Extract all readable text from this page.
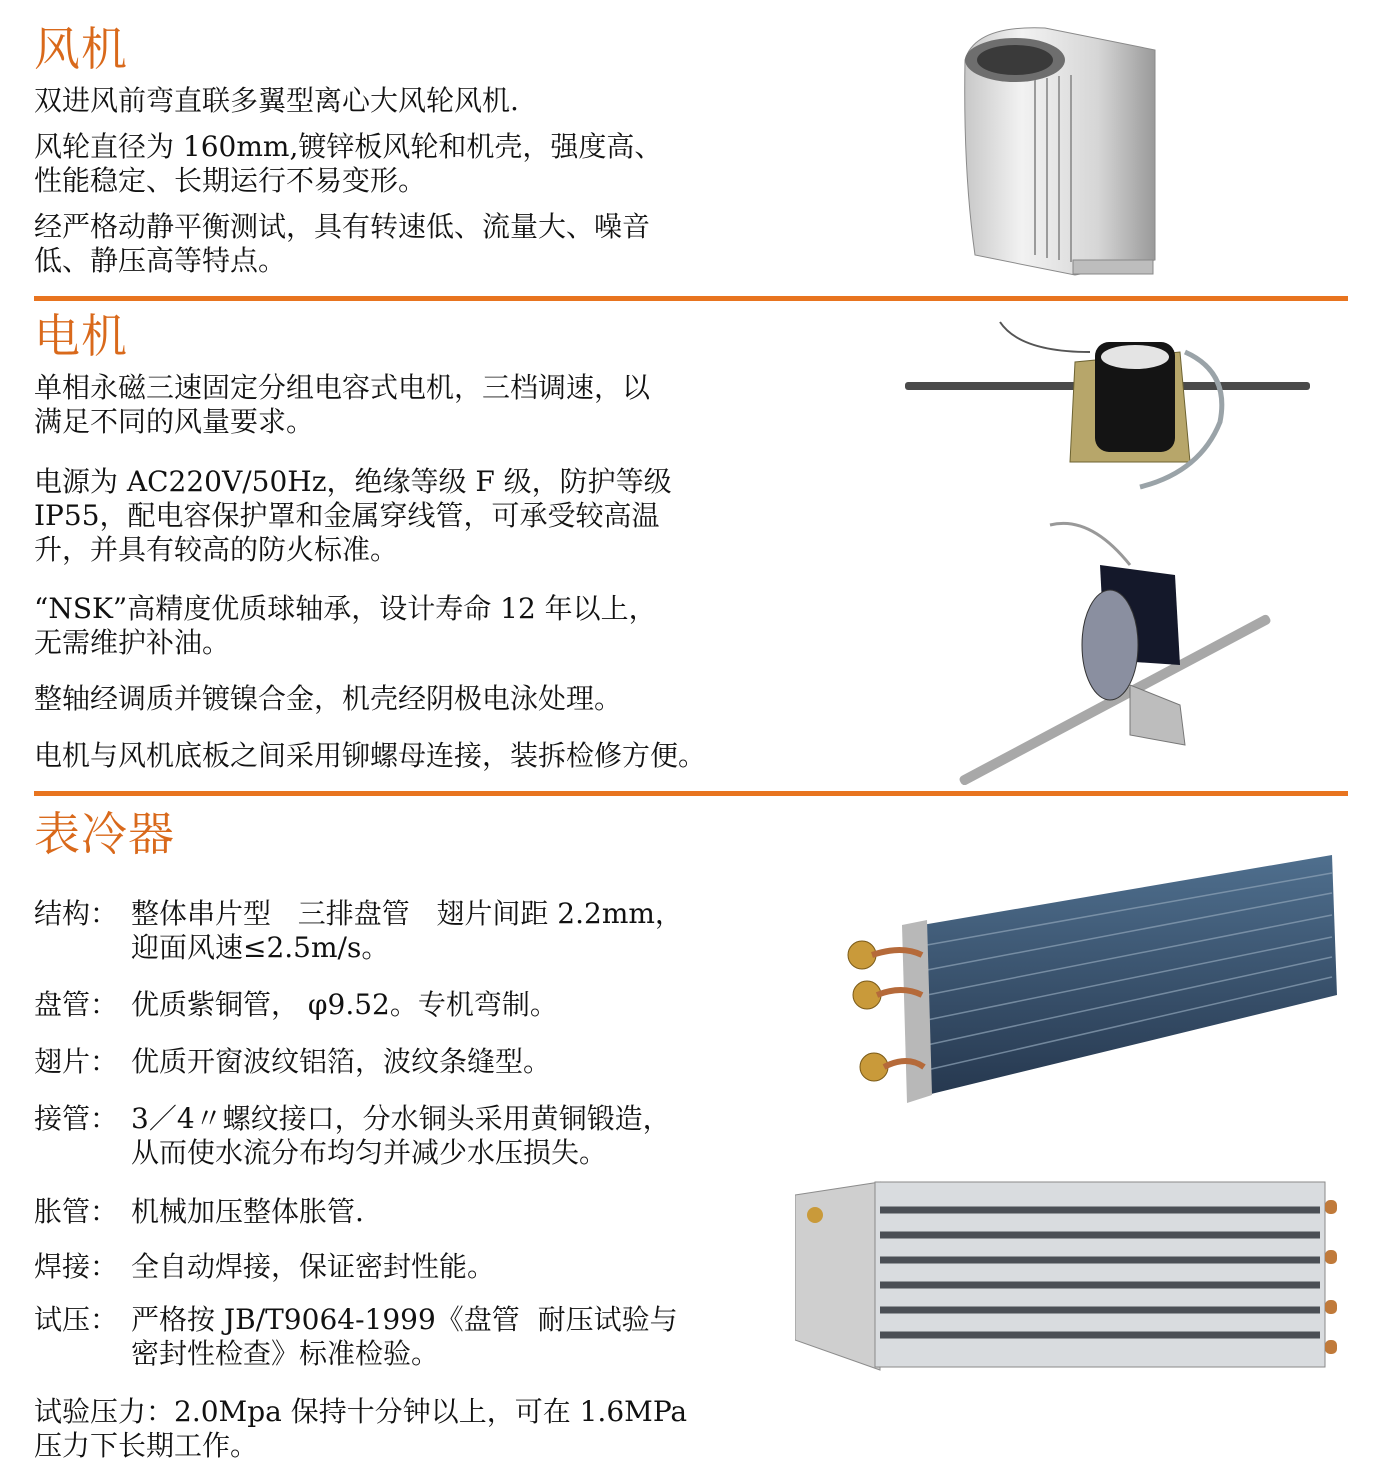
风机
双进风前弯直联多翼型离心大风轮风机.
风轮直径为 160mm,镀锌板风轮和机壳，强度高、
性能稳定、长期运行不易变形。
经严格动静平衡测试，具有转速低、流量大、噪音
低、静压高等特点。
电机
单相永磁三速固定分组电容式电机，三档调速，以
满足不同的风量要求。
电源为 AC220V/50Hz，绝缘等级 F 级，防护等级
IP55，配电容保护罩和金属穿线管，可承受较高温
升，并具有较高的防火标准。
“NSK”高精度优质球轴承，设计寿命 12 年以上，
无需维护补油。
整轴经调质并镀镍合金，机壳经阴极电泳处理。
电机与风机底板之间采用铆螺母连接，装拆检修方便。
表冷器
结构： 整体串片型   三排盘管   翅片间距 2.2mm，
迎面风速≤2.5m/s。
盘管： 优质紫铜管， φ9.52。专机弯制。
翅片： 优质开窗波纹铝箔，波纹条缝型。
接管： 3／4〃螺纹接口，分水铜头采用黄铜锻造，
从而使水流分布均匀并减少水压损失。
胀管： 机械加压整体胀管.
焊接： 全自动焊接，保证密封性能。
试压： 严格按 JB/T9064-1999《盘管  耐压试验与
密封性检查》标准检验。
试验压力：2.0Mpa 保持十分钟以上，可在 1.6MPa
压力下长期工作。
